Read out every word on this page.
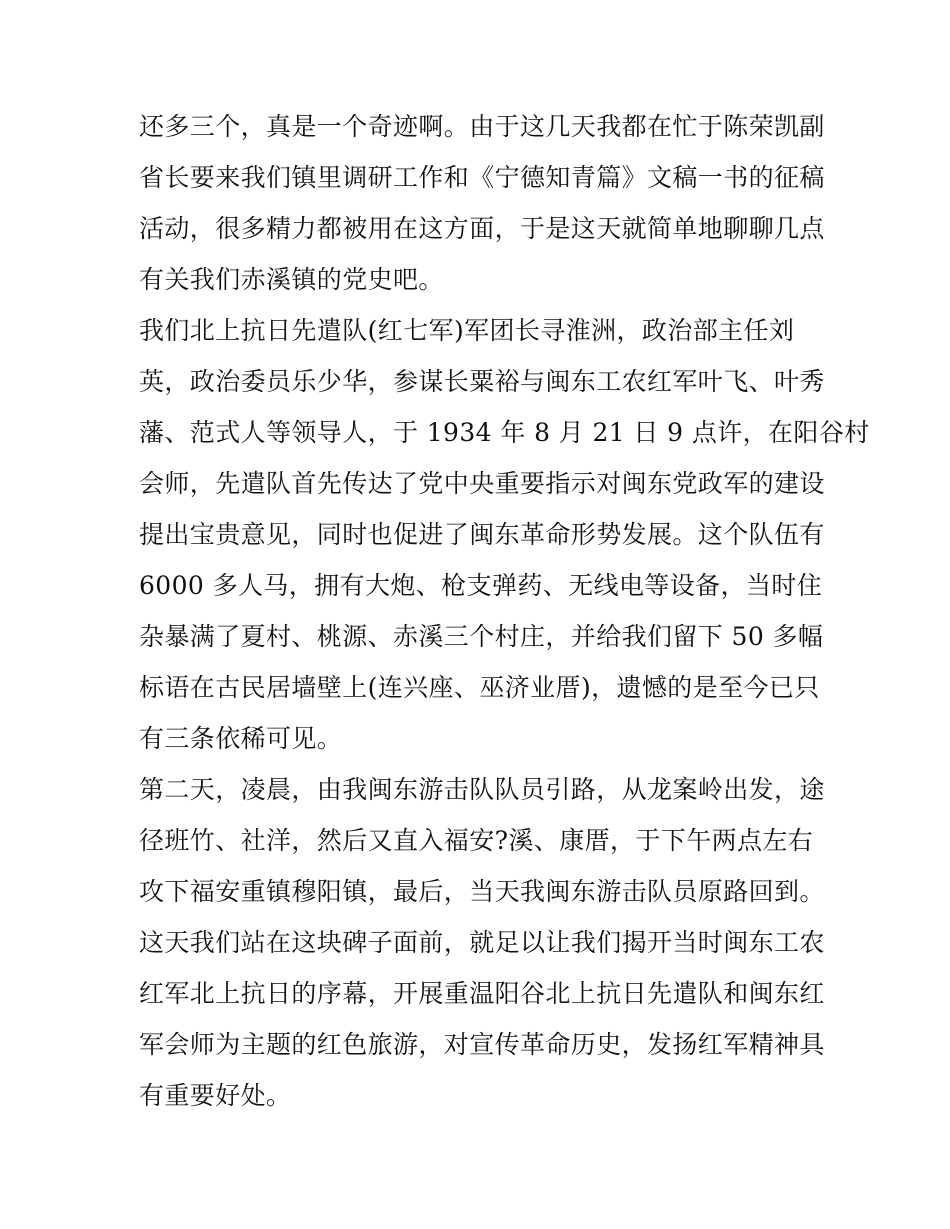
还多三个，真是一个奇迹啊。由于这几天我都在忙于陈荣凯副
省长要来我们镇里调研工作和《宁德知青篇》文稿一书的征稿
活动，很多精力都被用在这方面，于是这天就简单地聊聊几点
有关我们赤溪镇的党史吧。
我们北上抗日先遣队(红七军)军团长寻淮洲，政治部主任刘
英，政治委员乐少华，参谋长粟裕与闽东工农红军叶飞、叶秀
藩、范式人等领导人，于 1934 年 8 月 21 日 9 点许，在阳谷村
会师，先遣队首先传达了党中央重要指示对闽东党政军的建设
提出宝贵意见，同时也促进了闽东革命形势发展。这个队伍有
6000 多人马，拥有大炮、枪支弹药、无线电等设备，当时住
杂暴满了夏村、桃源、赤溪三个村庄，并给我们留下 50 多幅
标语在古民居墙壁上(连兴座、巫济业厝)，遗憾的是至今已只
有三条依稀可见。
第二天，凌晨，由我闽东游击队队员引路，从龙案岭出发，途
径班竹、社洋，然后又直入福安?溪、康厝，于下午两点左右
攻下福安重镇穆阳镇，最后，当天我闽东游击队员原路回到。
这天我们站在这块碑子面前，就足以让我们揭开当时闽东工农
红军北上抗日的序幕，开展重温阳谷北上抗日先遣队和闽东红
军会师为主题的红色旅游，对宣传革命历史，发扬红军精神具
有重要好处。
